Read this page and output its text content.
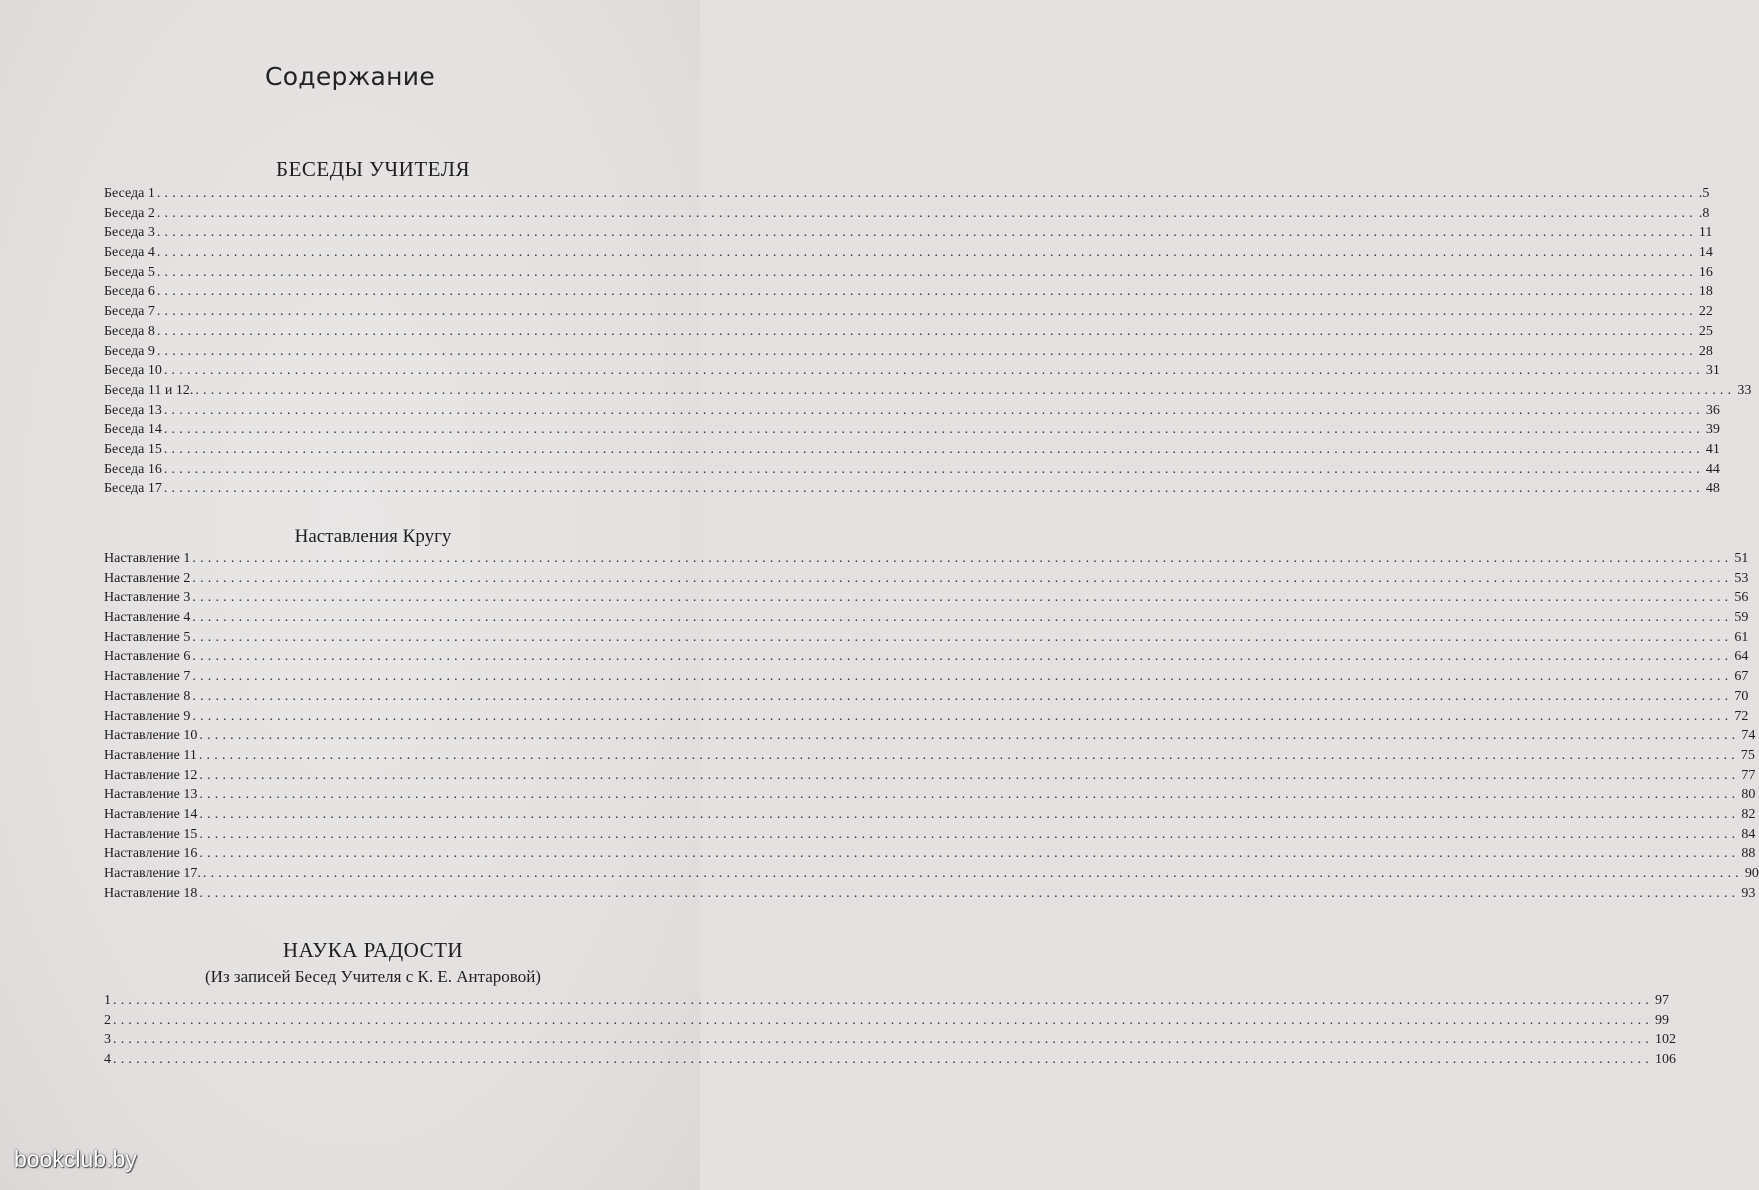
Содержание
БЕСЕДЫ УЧИТЕЛЯ
Беседа 1 ........................................................................................................................................................................................................ .5
Беседа 2 ........................................................................................................................................................................................................ .8
Беседа 3 ........................................................................................................................................................................................................ 11
Беседа 4 ........................................................................................................................................................................................................ 14
Беседа 5 ........................................................................................................................................................................................................ 16
Беседа 6 ........................................................................................................................................................................................................ 18
Беседа 7 ........................................................................................................................................................................................................ 22
Беседа 8 ........................................................................................................................................................................................................ 25
Беседа 9 ........................................................................................................................................................................................................ 28
Беседа 10 ........................................................................................................................................................................................................ 31
Беседа 11 и 12. ........................................................................................................................................................................................................ 33
Беседа 13 ........................................................................................................................................................................................................ 36
Беседа 14 ........................................................................................................................................................................................................ 39
Беседа 15 ........................................................................................................................................................................................................ 41
Беседа 16 ........................................................................................................................................................................................................ 44
Беседа 17 ........................................................................................................................................................................................................ 48
Наставления Кругу
Наставление 1 ........................................................................................................................................................................................................ 51
Наставление 2 ........................................................................................................................................................................................................ 53
Наставление 3 ........................................................................................................................................................................................................ 56
Наставление 4 ........................................................................................................................................................................................................ 59
Наставление 5 ........................................................................................................................................................................................................ 61
Наставление 6 ........................................................................................................................................................................................................ 64
Наставление 7 ........................................................................................................................................................................................................ 67
Наставление 8 ........................................................................................................................................................................................................ 70
Наставление 9 ........................................................................................................................................................................................................ 72
Наставление 10 ........................................................................................................................................................................................................ 74
Наставление 11 ........................................................................................................................................................................................................ 75
Наставление 12 ........................................................................................................................................................................................................ 77
Наставление 13 ........................................................................................................................................................................................................ 80
Наставление 14 ........................................................................................................................................................................................................ 82
Наставление 15 ........................................................................................................................................................................................................ 84
Наставление 16 ........................................................................................................................................................................................................ 88
Наставление 17. ........................................................................................................................................................................................................ 90
Наставление 18 ........................................................................................................................................................................................................ 93
НАУКА РАДОСТИ
(Из записей Бесед Учителя с К. Е. Антаровой)
1 ........................................................................................................................................................................................................ 97
2 ........................................................................................................................................................................................................ 99
3 ........................................................................................................................................................................................................ 102
4 ........................................................................................................................................................................................................ 106
bookclub.by
